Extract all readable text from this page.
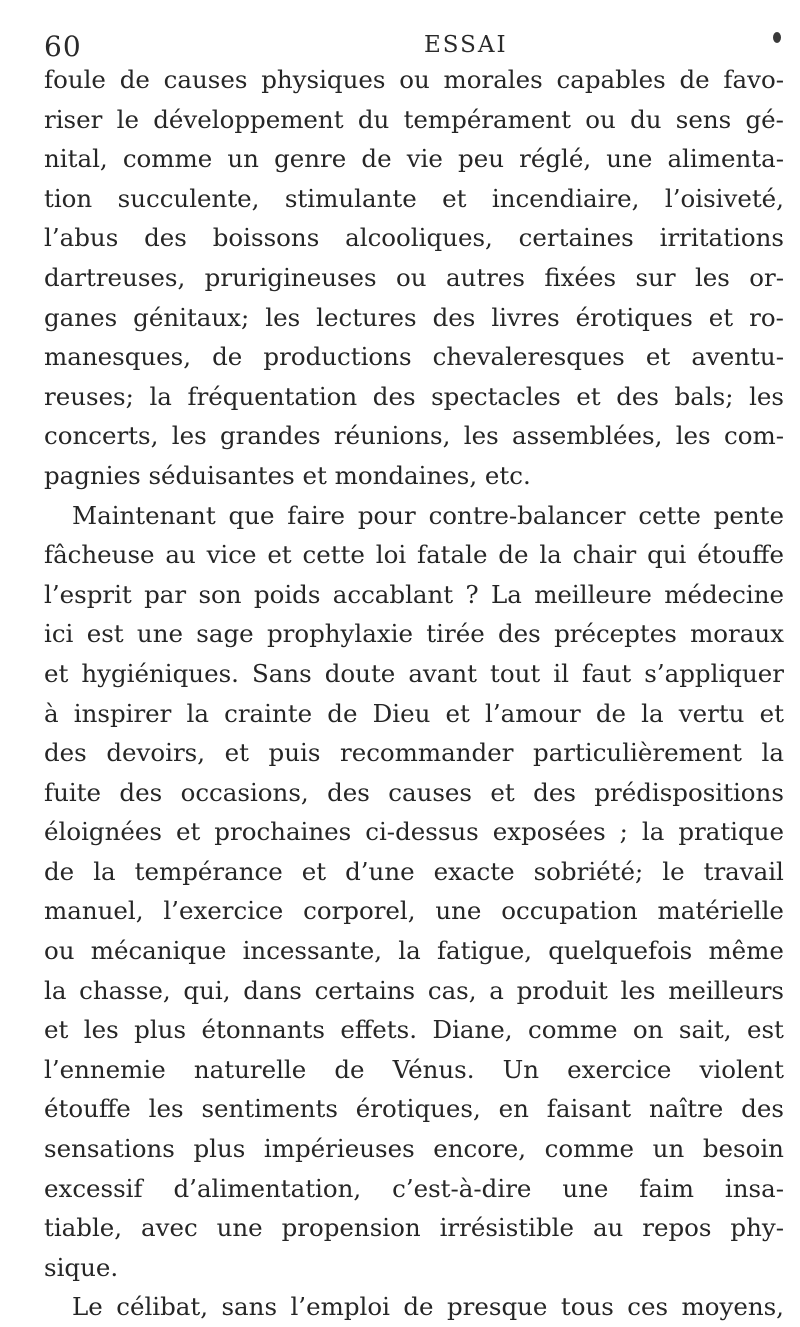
60	ESSAI
foule de causes physiques ou morales capables de favo-
riser le développement du tempérament ou du sens gé-
nital, comme un genre de vie peu réglé, une alimenta-
tion succulente, stimulante et incendiaire, l’oisiveté,
l’abus des boissons alcooliques, certaines irritations
dartreuses, prurigineuses ou autres fixées sur les or-
ganes génitaux; les lectures des livres érotiques et ro-
manesques, de productions chevaleresques et aventu-
reuses; la fréquentation des spectacles et des bals; les
concerts, les grandes réunions, les assemblées, les com-
pagnies séduisantes et mondaines, etc.
Maintenant que faire pour contre-balancer cette pente
fâcheuse au vice et cette loi fatale de la chair qui étouffe
l’esprit par son poids accablant ? La meilleure médecine
ici est une sage prophylaxie tirée des préceptes moraux
et hygiéniques. Sans doute avant tout il faut s’appliquer
à inspirer la crainte de Dieu et l’amour de la vertu et
des devoirs, et puis recommander particulièrement la
fuite des occasions, des causes et des prédispositions
éloignées et prochaines ci-dessus exposées ; la pratique
de la tempérance et d’une exacte sobriété; le travail
manuel, l’exercice corporel, une occupation matérielle
ou mécanique incessante, la fatigue, quelquefois même
la chasse, qui, dans certains cas, a produit les meilleurs
et les plus étonnants effets. Diane, comme on sait, est
l’ennemie naturelle de Vénus. Un exercice violent
étouffe les sentiments érotiques, en faisant naître des
sensations plus impérieuses encore, comme un besoin
excessif d’alimentation, c’est-à-dire une faim insa-
tiable, avec une propension irrésistible au repos phy-
sique.
Le célibat, sans l’emploi de presque tous ces moyens,
